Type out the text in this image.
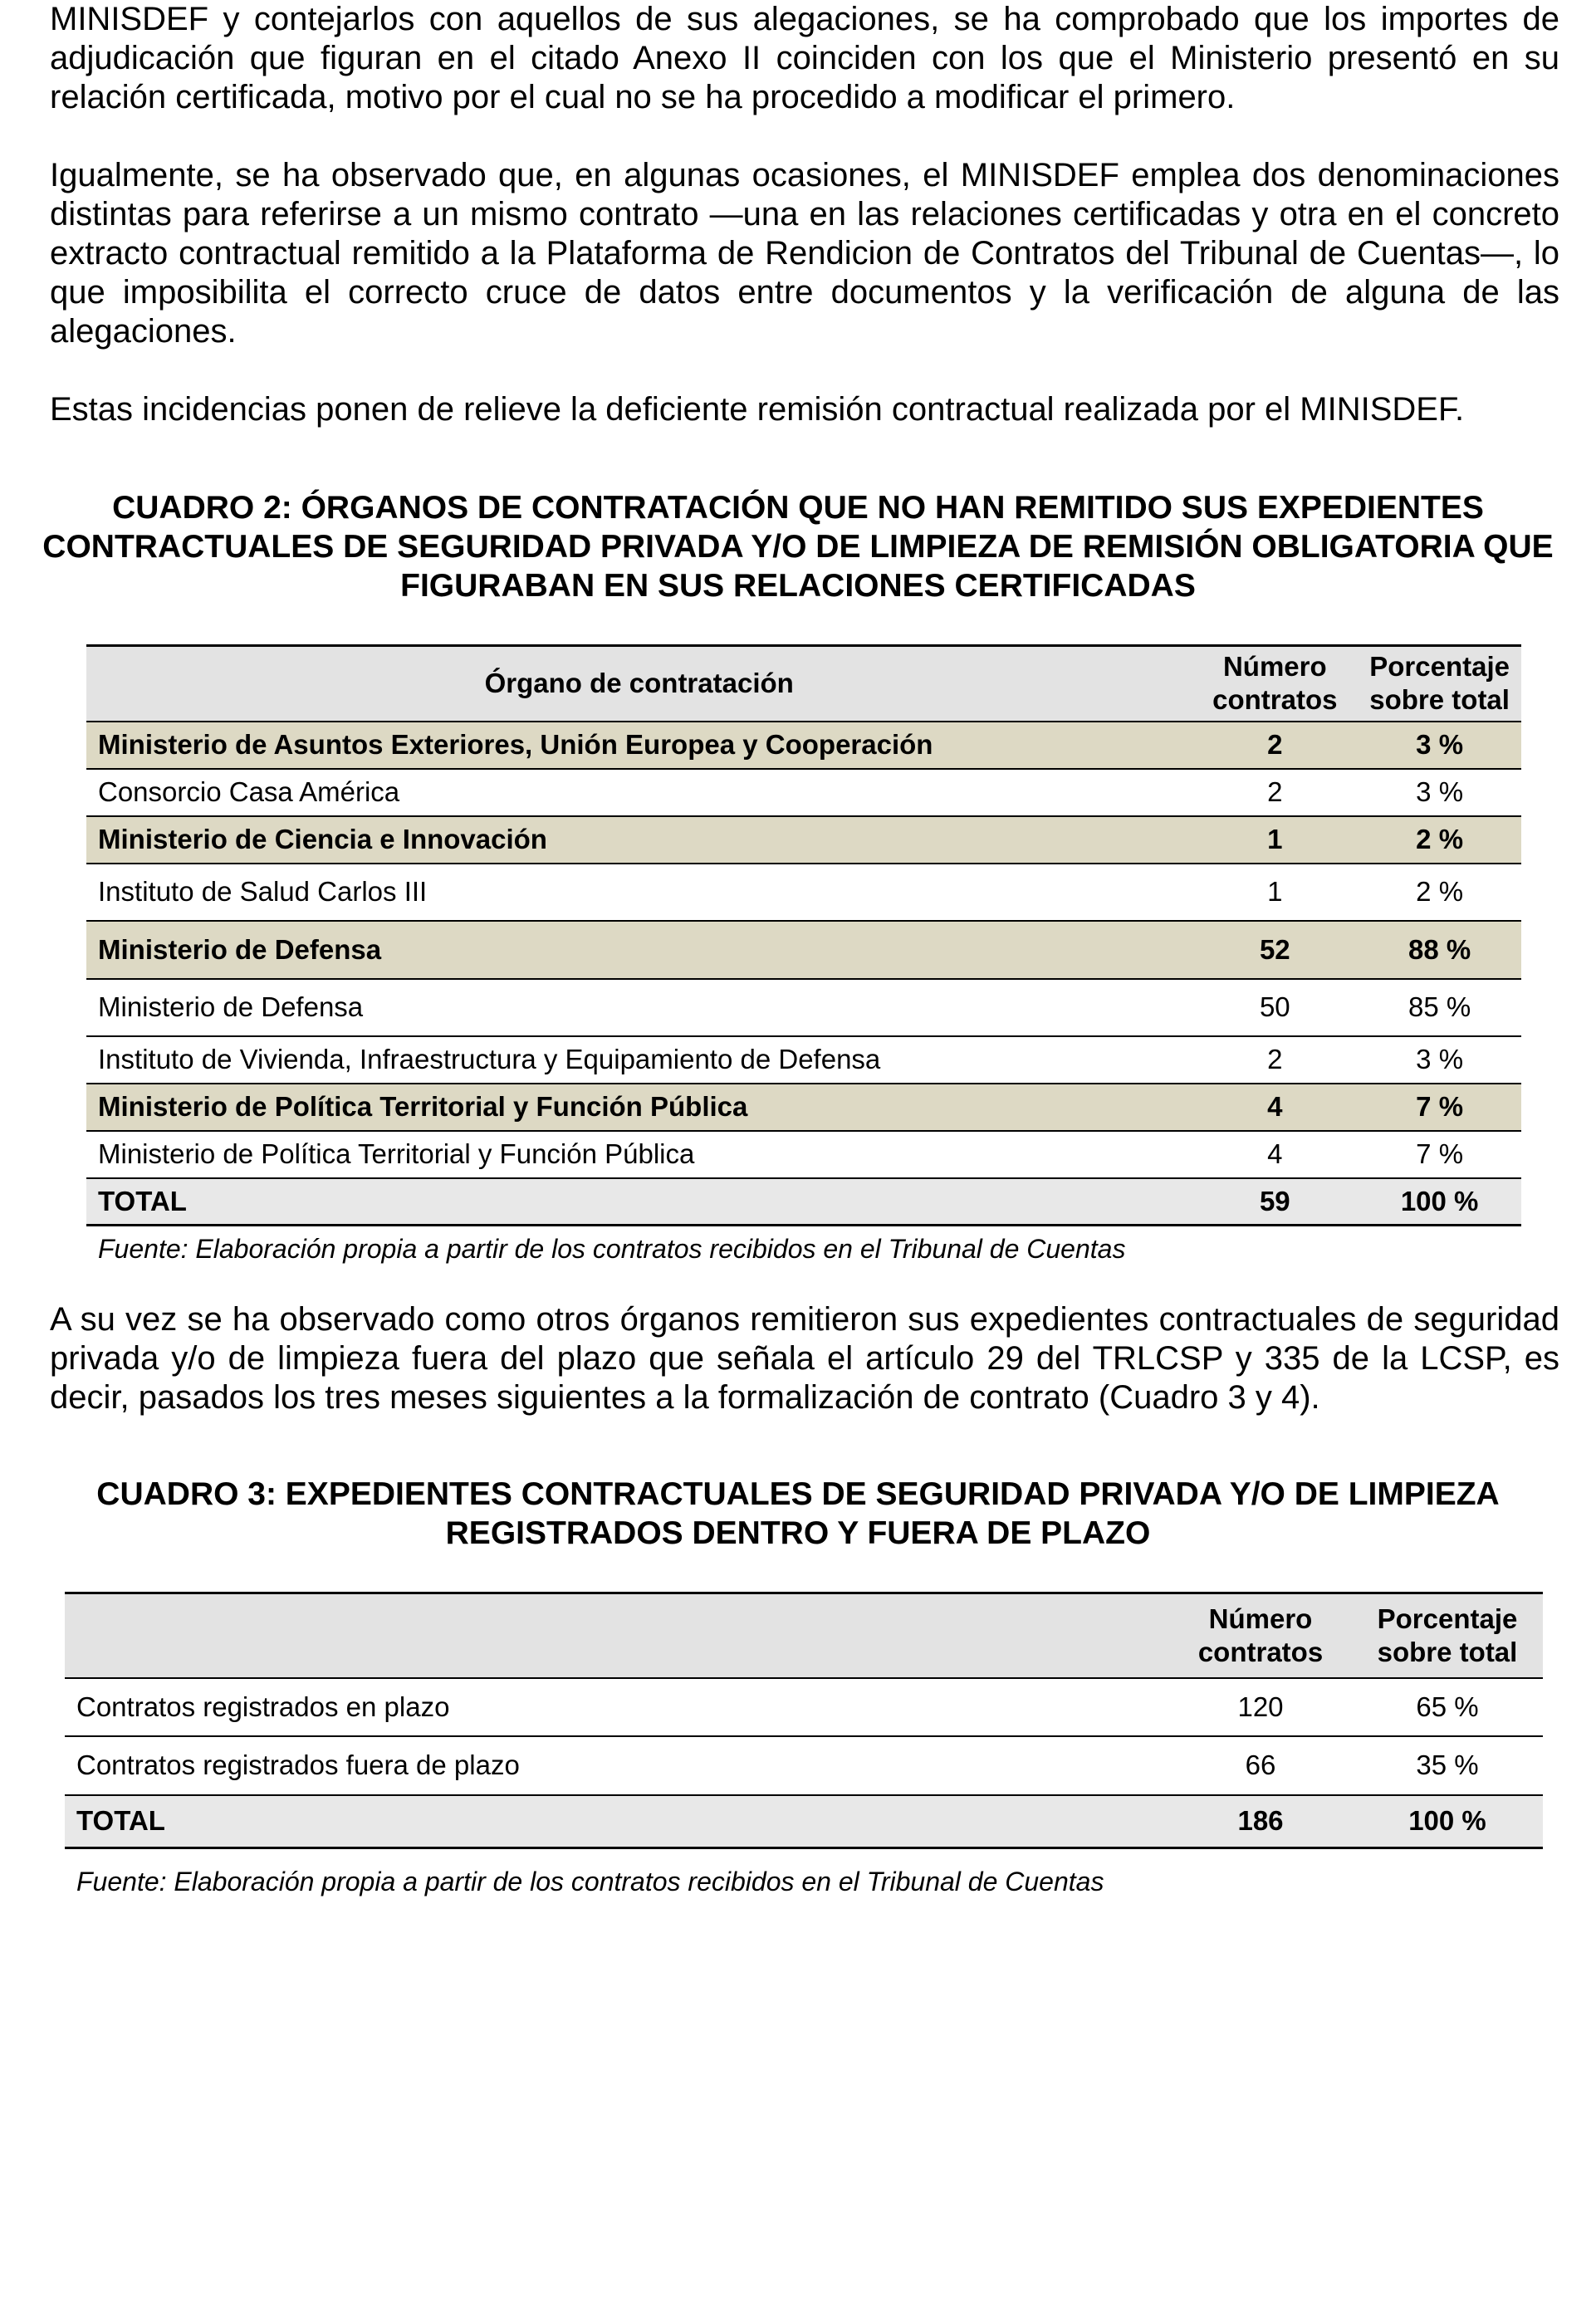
MINISDEF y contejarlos con aquellos de sus alegaciones, se ha comprobado que los importes de adjudicación que figuran en el citado Anexo II coinciden con los que el Ministerio presentó en su relación certificada, motivo por el cual no se ha procedido a modificar el primero.

Igualmente, se ha observado que, en algunas ocasiones, el MINISDEF emplea dos denominaciones distintas para referirse a un mismo contrato —una en las relaciones certificadas y otra en el concreto extracto contractual remitido a la Plataforma de Rendicion de Contratos del Tribunal de Cuentas—, lo que imposibilita el correcto cruce de datos entre documentos y la verificación de alguna de las alegaciones.

Estas incidencias ponen de relieve la deficiente remisión contractual realizada por el MINISDEF.

CUADRO 2: ÓRGANOS DE CONTRATACIÓN QUE NO HAN REMITIDO SUS EXPEDIENTES CONTRACTUALES DE SEGURIDAD PRIVADA Y/O DE LIMPIEZA DE REMISIÓN OBLIGATORIA QUE FIGURABAN EN SUS RELACIONES CERTIFICADAS

Órgano de contratación	Número contratos	Porcentaje sobre total
Ministerio de Asuntos Exteriores, Unión Europea y Cooperación	2	3 %
Consorcio Casa América	2	3 %
Ministerio de Ciencia e Innovación	1	2 %
Instituto de Salud Carlos III	1	2 %
Ministerio de Defensa	52	88 %
Ministerio de Defensa	50	85 %
Instituto de Vivienda, Infraestructura y Equipamiento de Defensa	2	3 %
Ministerio de Política Territorial y Función Pública	4	7 %
Ministerio de Política Territorial y Función Pública	4	7 %
TOTAL	59	100 %

Fuente: Elaboración propia a partir de los contratos recibidos en el Tribunal de Cuentas

A su vez se ha observado como otros órganos remitieron sus expedientes contractuales de seguridad privada y/o de limpieza fuera del plazo que señala el artículo 29 del TRLCSP y 335 de la LCSP, es decir, pasados los tres meses siguientes a la formalización de contrato (Cuadro 3 y 4).

CUADRO 3: EXPEDIENTES CONTRACTUALES DE SEGURIDAD PRIVADA Y/O DE LIMPIEZA REGISTRADOS DENTRO Y FUERA DE PLAZO

	Número contratos	Porcentaje sobre total
Contratos registrados en plazo	120	65 %
Contratos registrados fuera de plazo	66	35 %
TOTAL	186	100 %

Fuente: Elaboración propia a partir de los contratos recibidos en el Tribunal de Cuentas
